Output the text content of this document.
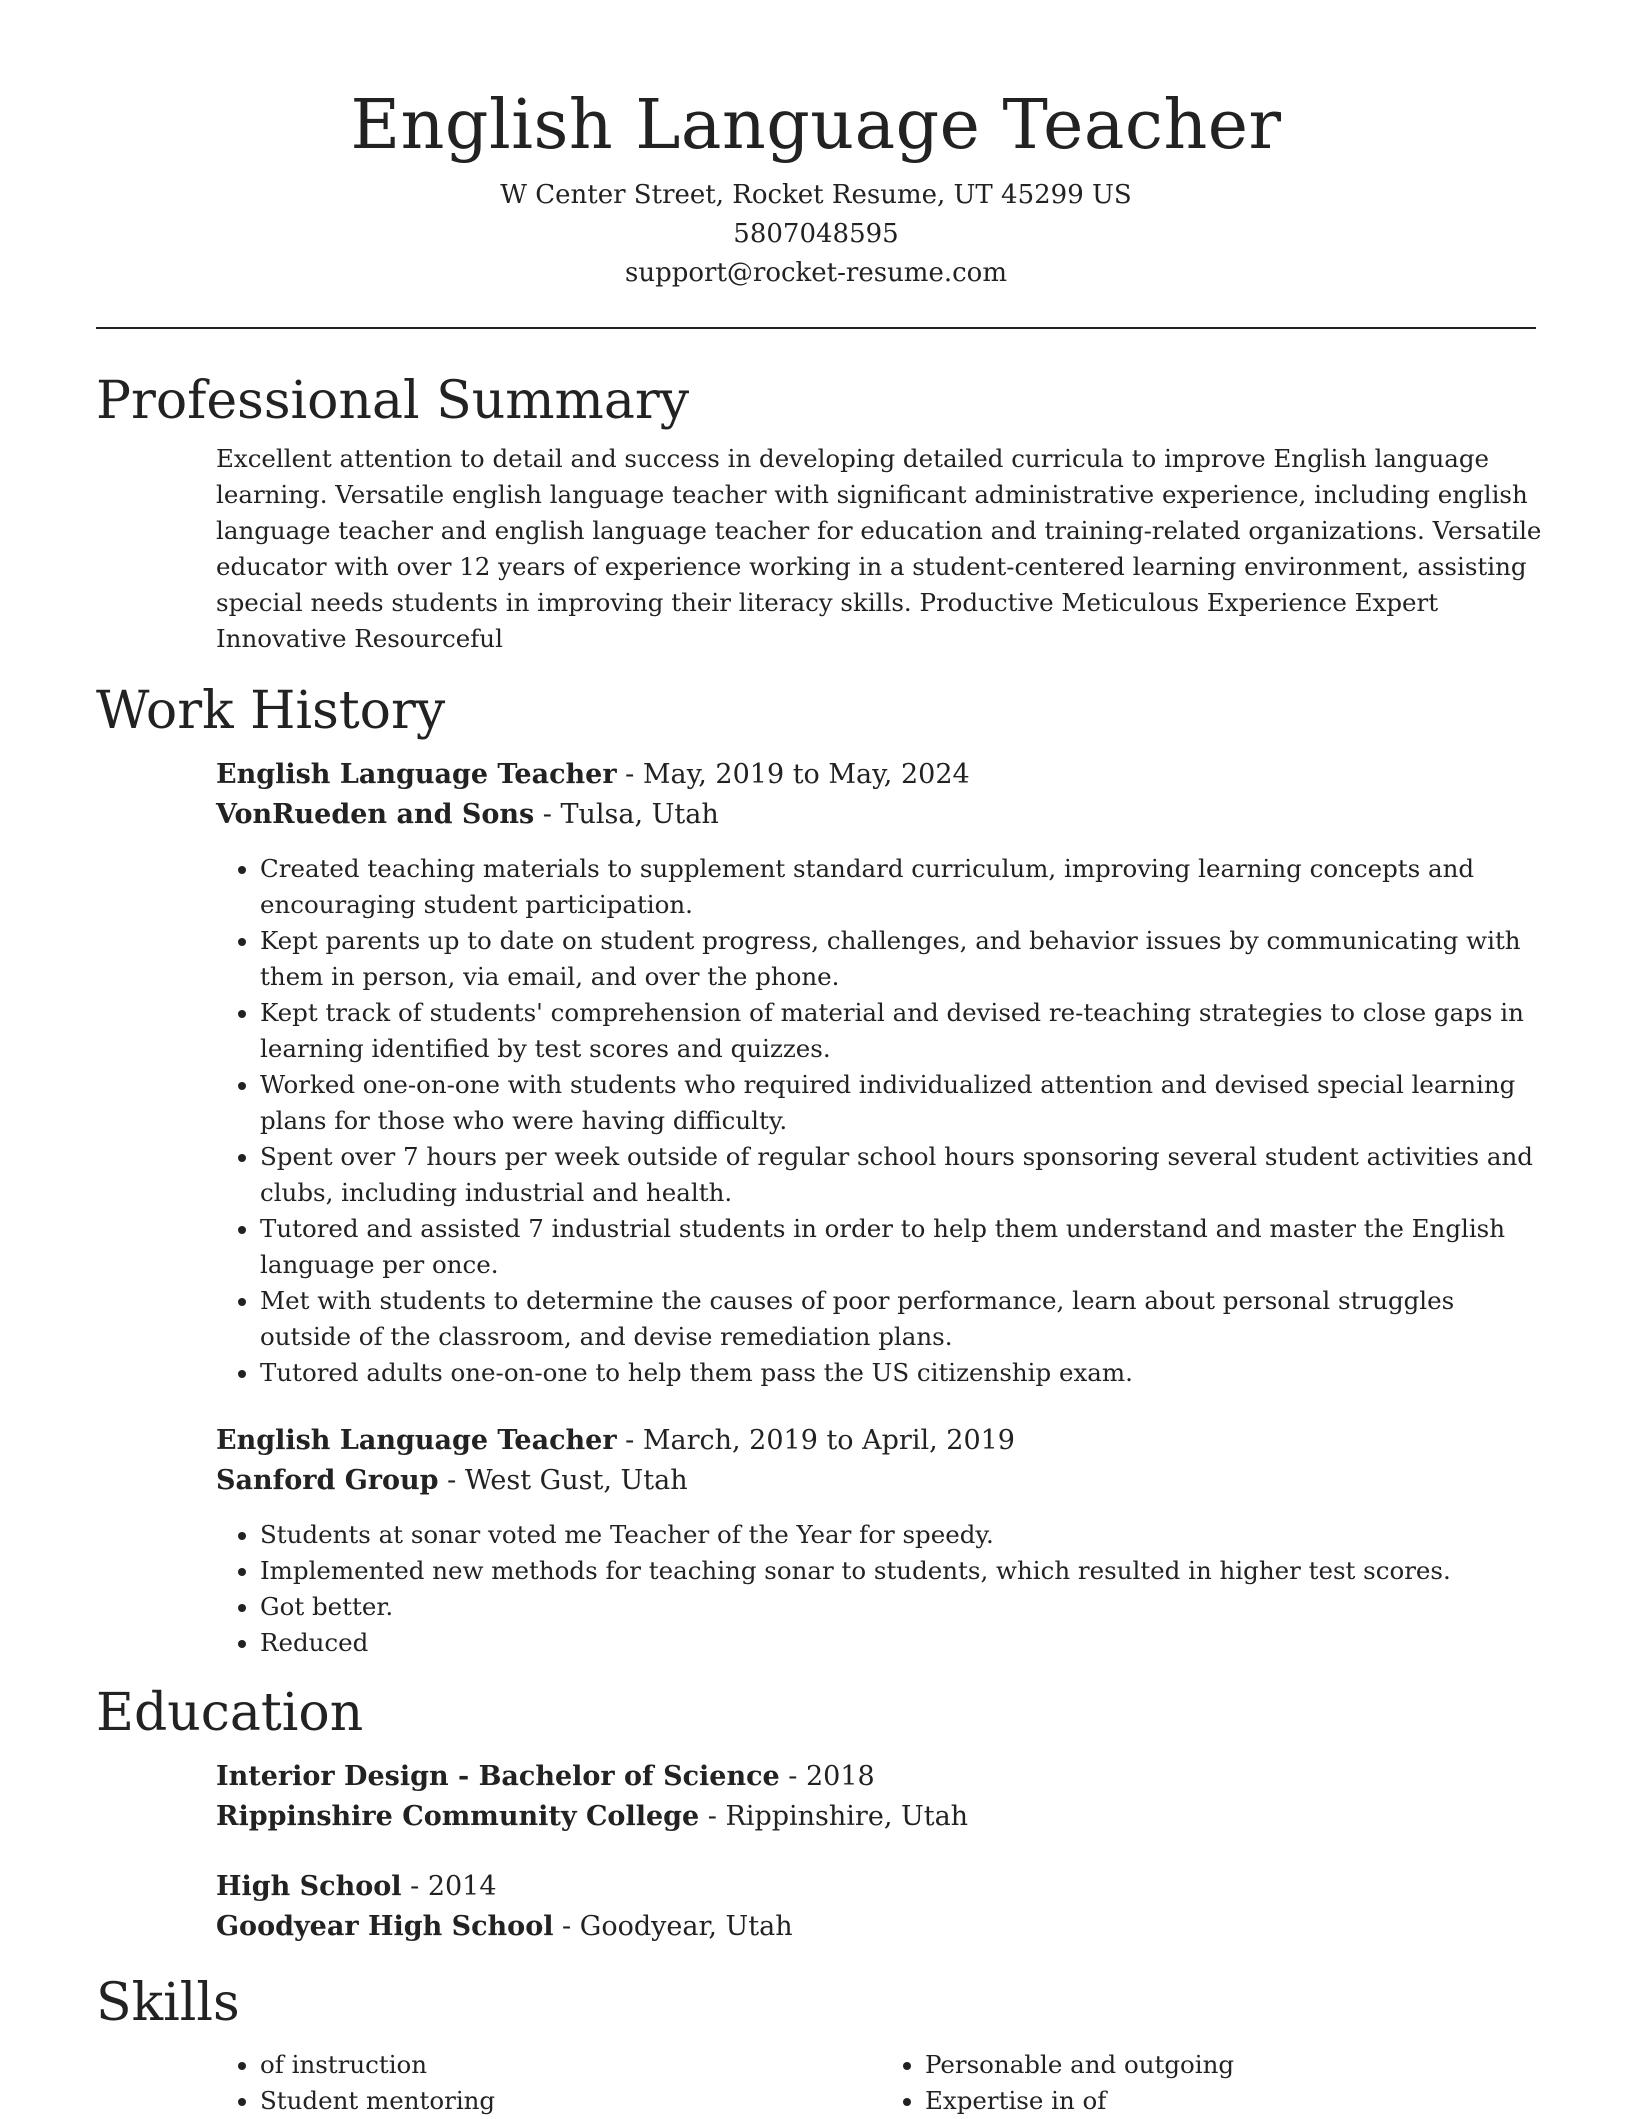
English Language Teacher
W Center Street, Rocket Resume, UT 45299 US
5807048595
support@rocket-resume.com
Professional Summary

Excellent attention to detail and success in developing detailed curricula to improve English language learning. Versatile english language teacher with significant administrative experience, including english language teacher and english language teacher for education and training-related organizations. Versatile educator with over 12 years of experience working in a student-centered learning environment, assisting special needs students in improving their literacy skills. Productive Meticulous Experience Expert Innovative Resourceful

Work History

English Language Teacher - May, 2019 to May, 2024

VonRueden and Sons - Tulsa, Utah

• Created teaching materials to supplement standard curriculum, improving learning concepts and encouraging student participation.
• Kept parents up to date on student progress, challenges, and behavior issues by communicating with them in person, via email, and over the phone.
• Kept track of students' comprehension of material and devised re-teaching strategies to close gaps in learning identified by test scores and quizzes.
• Worked one-on-one with students who required individualized attention and devised special learning plans for those who were having difficulty.
• Spent over 7 hours per week outside of regular school hours sponsoring several student activities and clubs, including industrial and health.
• Tutored and assisted 7 industrial students in order to help them understand and master the English language per once.
• Met with students to determine the causes of poor performance, learn about personal struggles outside of the classroom, and devise remediation plans.
• Tutored adults one-on-one to help them pass the US citizenship exam.

English Language Teacher - March, 2019 to April, 2019

Sanford Group - West Gust, Utah

• Students at sonar voted me Teacher of the Year for speedy.
• Implemented new methods for teaching sonar to students, which resulted in higher test scores.
• Got better.
• Reduced
Education

Interior Design - Bachelor of Science - 2018

Rippinshire Community College - Rippinshire, Utah

High School - 2014

Goodyear High School - Goodyear, Utah

Skills
• of instruction
• Student mentoring
• Personable and outgoing
• Expertise in of
